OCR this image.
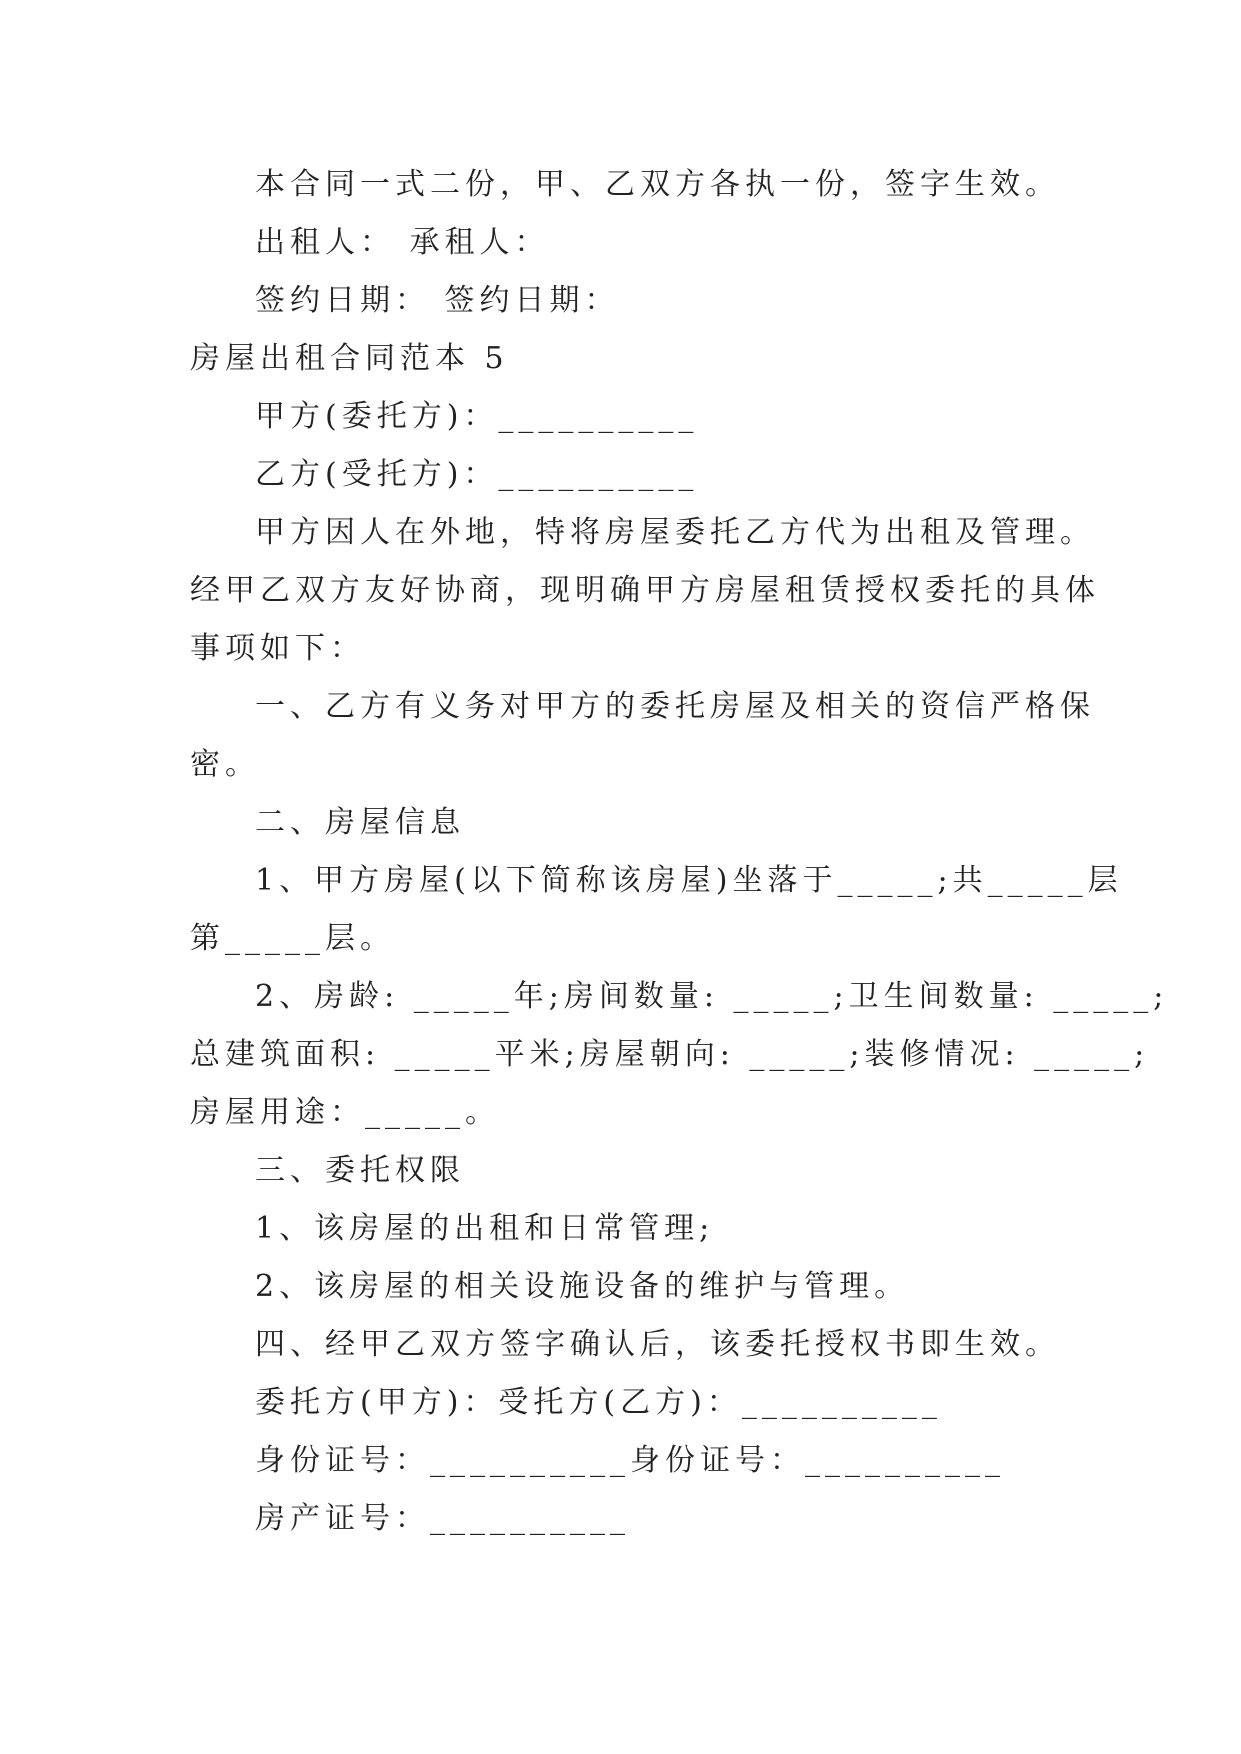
本合同一式二份，甲、乙双方各执一份，签字生效。
出租人： 承租人：
签约日期： 签约日期：
房屋出租合同范本 5
甲方(委托方)：__________
乙方(受托方)：__________
甲方因人在外地，特将房屋委托乙方代为出租及管理。
经甲乙双方友好协商，现明确甲方房屋租赁授权委托的具体
事项如下：
一、乙方有义务对甲方的委托房屋及相关的资信严格保
密。
二、房屋信息
1、甲方房屋(以下简称该房屋)坐落于_____;共_____层
第_____层。
2、房龄: _____年;房间数量: _____;卫生间数量: _____;
总建筑面积: _____平米;房屋朝向: _____;装修情况: _____;
房屋用途：_____。
三、委托权限
1、该房屋的出租和日常管理;
2、该房屋的相关设施设备的维护与管理。
四、经甲乙双方签字确认后，该委托授权书即生效。
委托方(甲方)：受托方(乙方)：__________
身份证号：__________身份证号：__________
房产证号：__________
